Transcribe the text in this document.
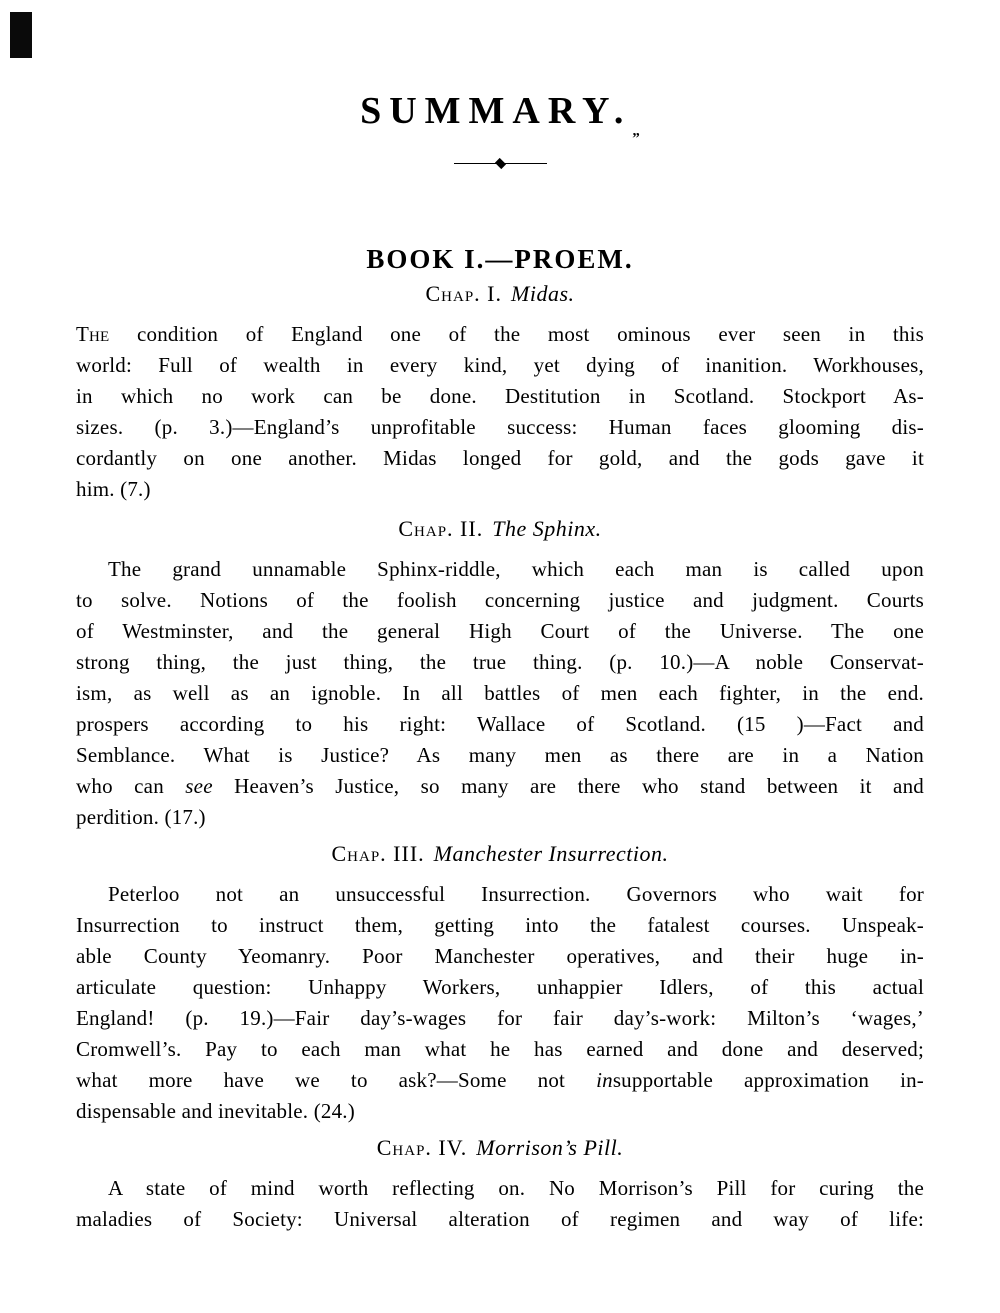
$SUMMARY._„$
BOOK I.—PROEM.
Chap. I. Midas.
The condition of England one of the most ominous ever seen in this
world: Full of wealth in every kind, yet dying of inanition. Workhouses,
in which no work can be done. Destitution in Scotland. Stockport As-
sizes. (p. 3.)—England’s unprofitable success: Human faces glooming dis-
cordantly on one another. Midas longed for gold, and the gods gave it
him. (7.)
Chap. II. The Sphinx.
The grand unnamable Sphinx-riddle, which each man is called upon
to solve. Notions of the foolish concerning justice and judgment. Courts
of Westminster, and the general High Court of the Universe. The one
strong thing, the just thing, the true thing. (p. 10.)—A noble Conservat-
ism, as well as an ignoble. In all battles of men each fighter, in the end.
prospers according to his right: Wallace of Scotland. (15 )—Fact and
Semblance. What is Justice? As many men as there are in a Nation
who can see Heaven’s Justice, so many are there who stand between it and
perdition. (17.)
Chap. III. Manchester Insurrection.
Peterloo not an unsuccessful Insurrection. Governors who wait for
Insurrection to instruct them, getting into the fatalest courses. Unspeak-
able County Yeomanry. Poor Manchester operatives, and their huge in-
articulate question: Unhappy Workers, unhappier Idlers, of this actual
England! (p. 19.)—Fair day’s-wages for fair day’s-work: Milton’s ‘wages,’
Cromwell’s. Pay to each man what he has earned and done and deserved;
what more have we to ask?—Some not insupportable approximation in-
dispensable and inevitable. (24.)
Chap. IV. Morrison’s Pill.
A state of mind worth reflecting on. No Morrison’s Pill for curing the
maladies of Society: Universal alteration of regimen and way of life:
